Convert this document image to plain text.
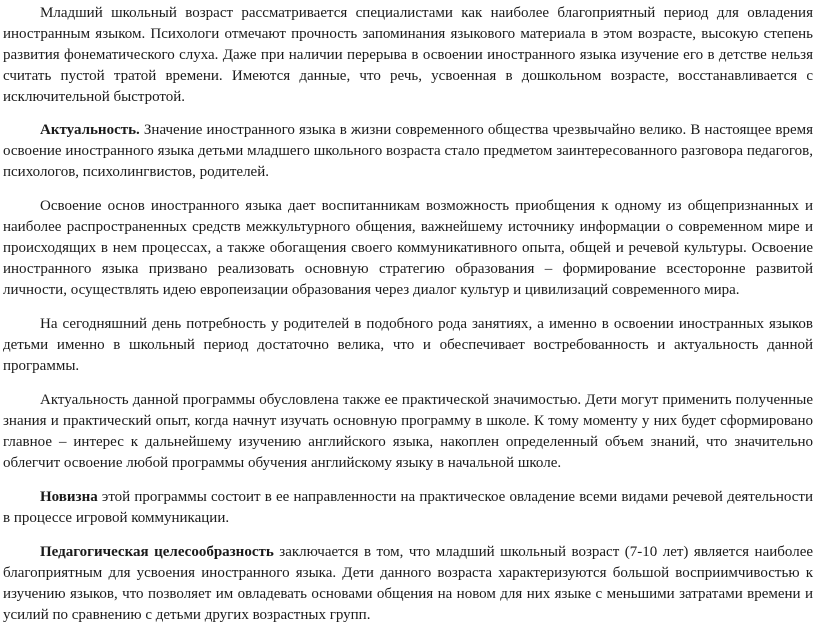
Младший школьный возраст рассматривается специалистами как наиболее благоприятный период для овладения иностранным языком. Психологи отмечают прочность запоминания языкового материала в этом возрасте, высокую степень развития фонематического слуха. Даже при наличии перерыва в освоении иностранного языка изучение его в детстве нельзя считать пустой тратой времени. Имеются данные, что речь, усвоенная в дошкольном возрасте, восстанавливается с исключительной быстротой.

Актуальность. Значение иностранного языка в жизни современного общества чрезвычайно велико. В настоящее время освоение иностранного языка детьми младшего школьного возраста стало предметом заинтересованного разговора педагогов, психологов, психолингвистов, родителей.

Освоение основ иностранного языка дает воспитанникам возможность приобщения к одному из общепризнанных и наиболее распространенных средств межкультурного общения, важнейшему источнику информации о современном мире и происходящих в нем процессах, а также обогащения своего коммуникативного опыта, общей и речевой культуры. Освоение иностранного языка призвано реализовать основную стратегию образования – формирование всесторонне развитой личности, осуществлять идею европеизации образования через диалог культур и цивилизаций современного мира.

На сегодняшний день потребность у родителей в подобного рода занятиях, а именно в освоении иностранных языков детьми именно в школьный период достаточно велика, что и обеспечивает востребованность и актуальность данной программы.

Актуальность данной программы обусловлена также ее практической значимостью. Дети могут применить полученные знания и практический опыт, когда начнут изучать основную программу в школе. К тому моменту у них будет сформировано главное – интерес к дальнейшему изучению английского языка, накоплен определенный объем знаний, что значительно облегчит освоение любой программы обучения английскому языку в начальной школе.

Новизна этой программы состоит в ее направленности на практическое овладение всеми видами речевой деятельности в процессе игровой коммуникации.

Педагогическая целесообразность заключается в том, что младший школьный возраст (7-10 лет) является наиболее благоприятным для усвоения иностранного языка. Дети данного возраста характеризуются большой восприимчивостью к изучению языков, что позволяет им овладевать основами общения на новом для них языке с меньшими затратами времени и усилий по сравнению с детьми других возрастных групп.
